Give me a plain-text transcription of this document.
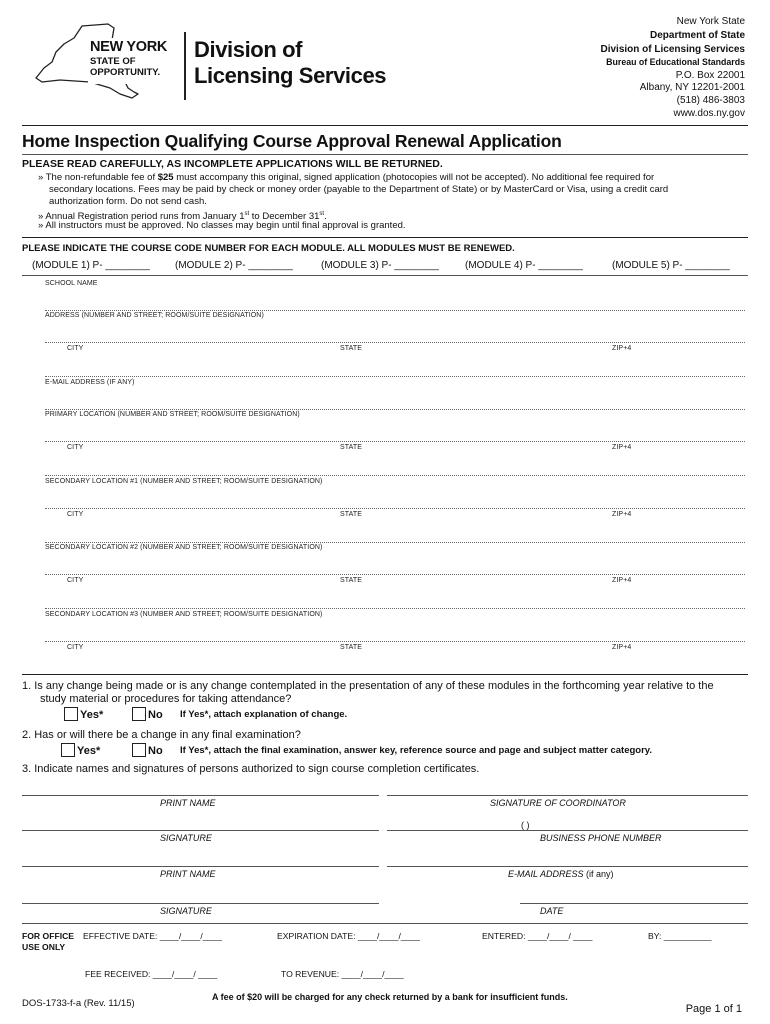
NEW YORK
STATE OF
OPPORTUNITY.
Division of
Licensing Services
New York State
Department of State
Division of Licensing Services
Bureau of Educational Standards
P.O. Box 22001
Albany, NY 12201-2001
(518) 486-3803
www.dos.ny.gov
Home Inspection Qualifying Course Approval Renewal Application
PLEASE READ CAREFULLY, AS INCOMPLETE APPLICATIONS WILL BE RETURNED.
» The non-refundable fee of $25 must accompany this original, signed application (photocopies will not be accepted). No additional fee required for
secondary locations. Fees may be paid by check or money order (payable to the Department of State) or by MasterCard or Visa, using a credit card
authorization form. Do not send cash.
» Annual Registration period runs from January 1st to December 31st.
» All instructors must be approved. No classes may begin until final approval is granted.
PLEASE INDICATE THE COURSE CODE NUMBER FOR EACH MODULE. ALL MODULES MUST BE RENEWED.
(MODULE 1) P- ________	(MODULE 2) P- ________	(MODULE 3) P- ________	(MODULE 4) P- ________	(MODULE 5) P- ________
SCHOOL NAME
ADDRESS (NUMBER AND STREET; ROOM/SUITE DESIGNATION)
CITY	STATE	ZIP+4
E-MAIL ADDRESS (IF ANY)
PRIMARY LOCATION (NUMBER AND STREET; ROOM/SUITE DESIGNATION)
CITY	STATE	ZIP+4
SECONDARY LOCATION #1 (NUMBER AND STREET; ROOM/SUITE DESIGNATION)
CITY	STATE	ZIP+4
SECONDARY LOCATION #2 (NUMBER AND STREET; ROOM/SUITE DESIGNATION)
CITY	STATE	ZIP+4
SECONDARY LOCATION #3 (NUMBER AND STREET; ROOM/SUITE DESIGNATION)
CITY	STATE	ZIP+4
1. Is any change being made or is any change contemplated in the presentation of any of these modules in the forthcoming year relative to the
study material or procedures for taking attendance?
Yes*	No If Yes*, attach explanation of change.
2. Has or will there be a change in any final examination?
Yes*	No If Yes*, attach the final examination, answer key, reference source and page and subject matter category.
3. Indicate names and signatures of persons authorized to sign course completion certificates.
PRINT NAME	SIGNATURE OF COORDINATOR
( )
SIGNATURE	BUSINESS PHONE NUMBER
PRINT NAME	E-MAIL ADDRESS (if any)
SIGNATURE	DATE
FOR OFFICE
USE ONLY
EFFECTIVE DATE: ____/____/____	EXPIRATION DATE: ____/____/____	ENTERED: ____/____/ ____	BY: __________
FEE RECEIVED: ____/____/ ____	TO REVENUE: ____/____/____
DOS-1733-f-a (Rev. 11/15)
A fee of $20 will be charged for any check returned by a bank for insufficient funds.
Page 1 of 1
